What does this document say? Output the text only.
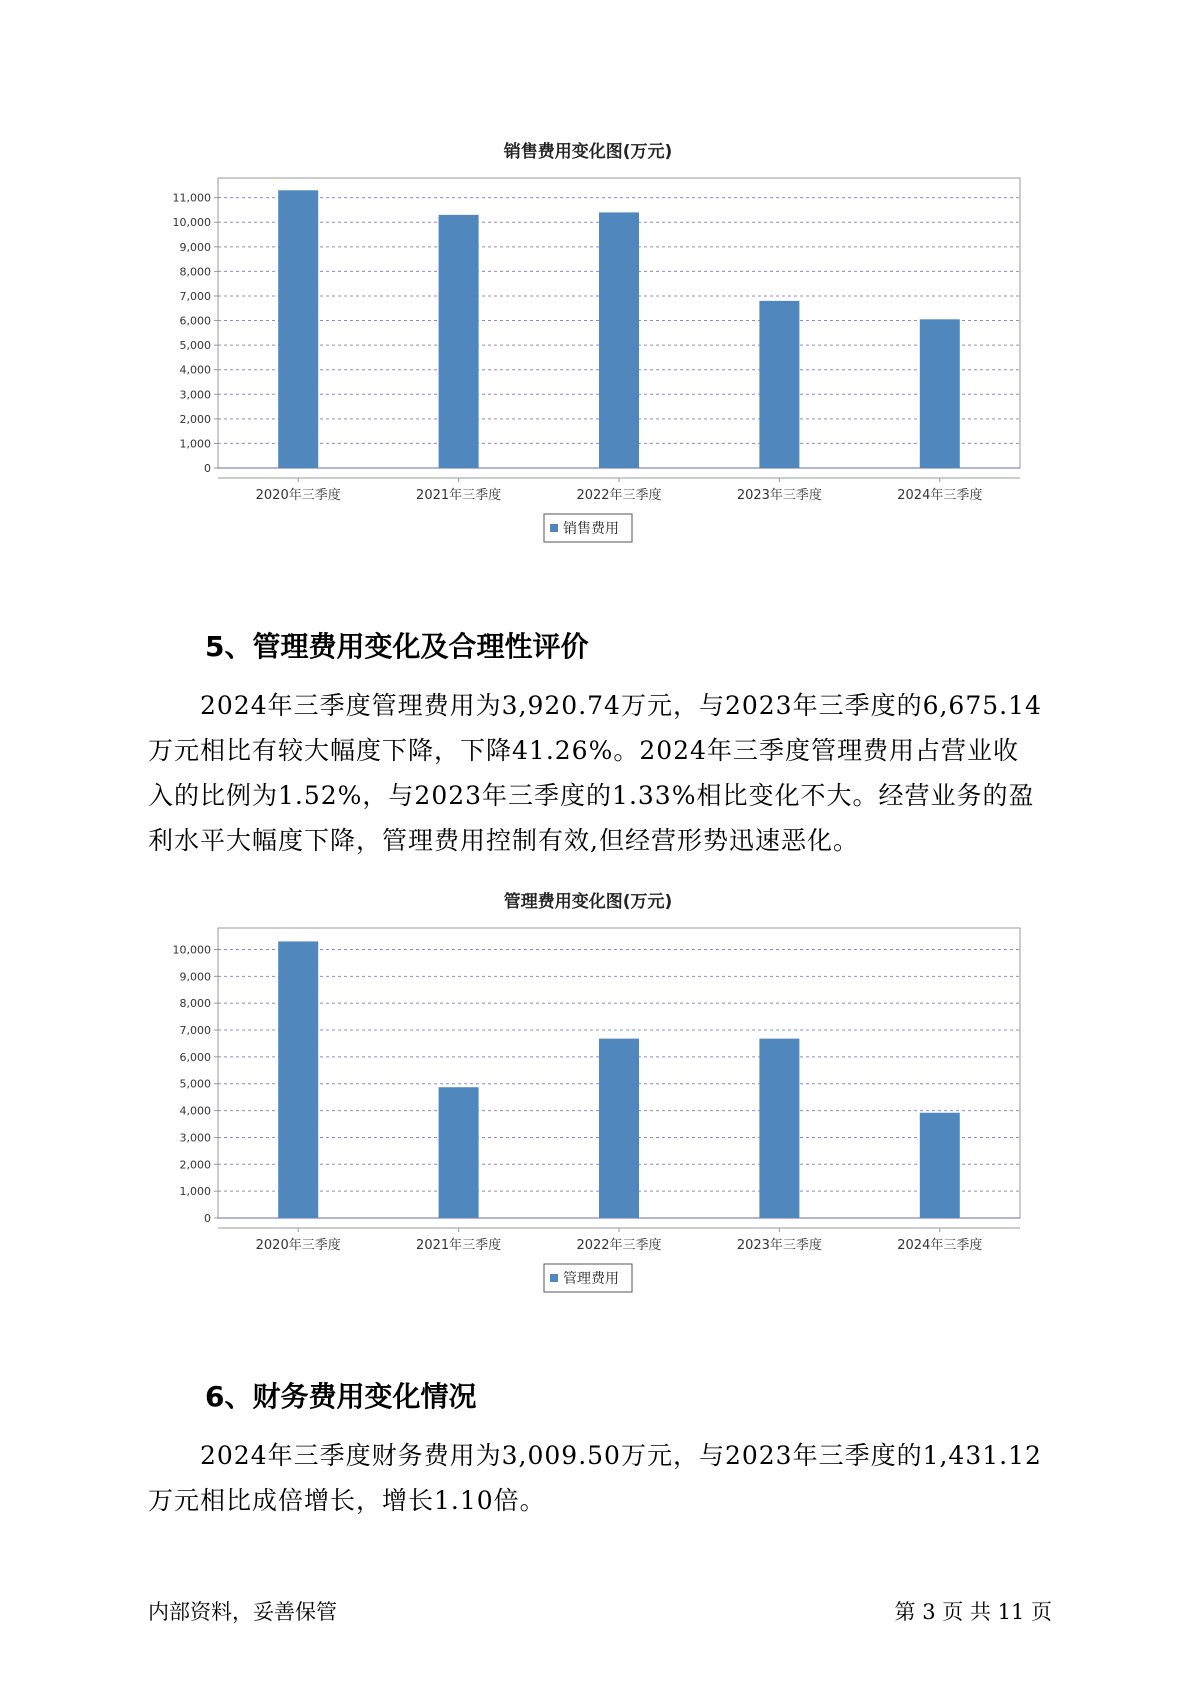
销售费用变化图(万元)
0
1,000
2,000
3,000
4,000
5,000
6,000
7,000
8,000
9,000
10,000
11,000
2020年三季度	2021年三季度	2022年三季度	2023年三季度	2024年三季度
销售费用
5、管理费用变化及合理性评价
2024年三季度管理费用为3,920.74万元，与2023年三季度的6,675.14
万元相比有较大幅度下降，下降41.26%。2024年三季度管理费用占营业收
入的比例为1.52%，与2023年三季度的1.33%相比变化不大。经营业务的盈
利水平大幅度下降，管理费用控制有效,但经营形势迅速恶化。
管理费用变化图(万元)
0
1,000
2,000
3,000
4,000
5,000
6,000
7,000
8,000
9,000
10,000
2020年三季度	2021年三季度	2022年三季度	2023年三季度	2024年三季度
管理费用
6、财务费用变化情况
2024年三季度财务费用为3,009.50万元，与2023年三季度的1,431.12
万元相比成倍增长，增长1.10倍。
内部资料，妥善保管	第 3 页 共 11 页
